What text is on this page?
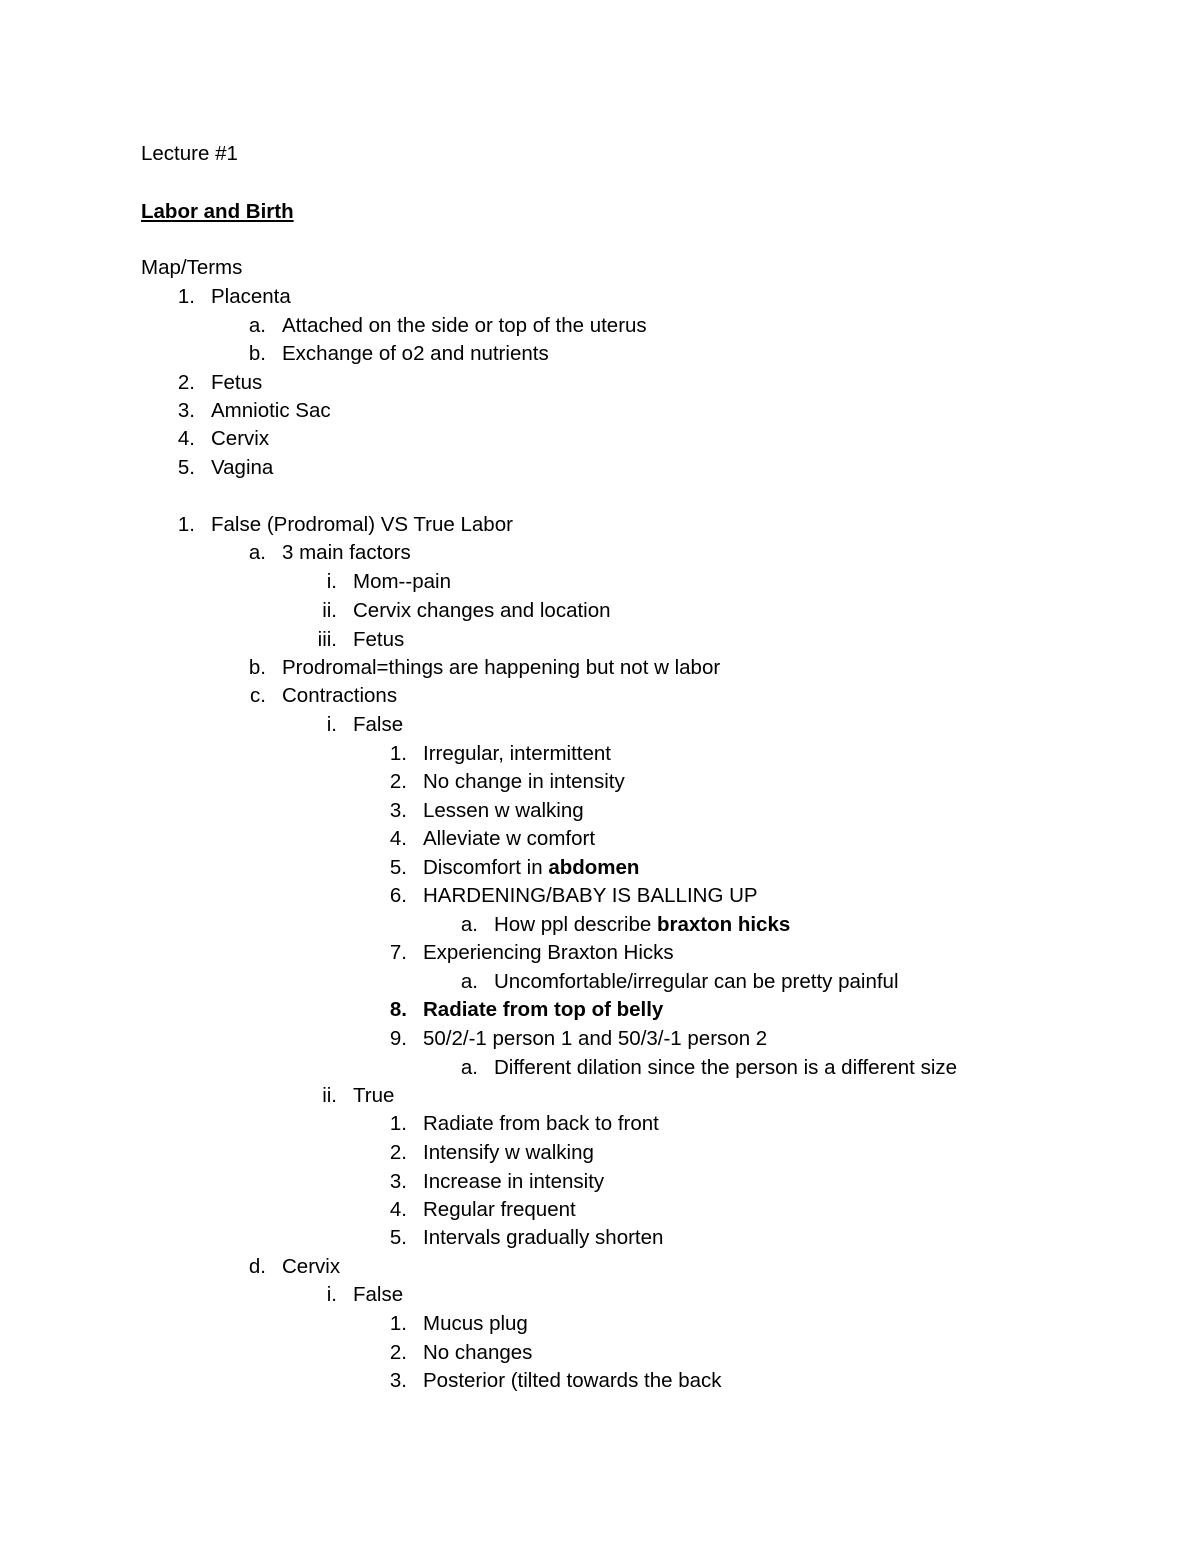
Lecture #1
Labor and Birth
Map/Terms
1. Placenta
a. Attached on the side or top of the uterus
b. Exchange of o2 and nutrients
2. Fetus
3. Amniotic Sac
4. Cervix
5. Vagina
1. False (Prodromal) VS True Labor
a. 3 main factors
i. Mom--pain
ii. Cervix changes and location
iii. Fetus
b. Prodromal=things are happening but not w labor
c. Contractions
i. False
1. Irregular, intermittent
2. No change in intensity
3. Lessen w walking
4. Alleviate w comfort
5. Discomfort in abdomen
6. HARDENING/BABY IS BALLING UP
a. How ppl describe braxton hicks
7. Experiencing Braxton Hicks
a. Uncomfortable/irregular can be pretty painful
8. Radiate from top of belly
9. 50/2/-1 person 1 and 50/3/-1 person 2
a. Different dilation since the person is a different size
ii. True
1. Radiate from back to front
2. Intensify w walking
3. Increase in intensity
4. Regular frequent
5. Intervals gradually shorten
d. Cervix
i. False
1. Mucus plug
2. No changes
3. Posterior (tilted towards the back
